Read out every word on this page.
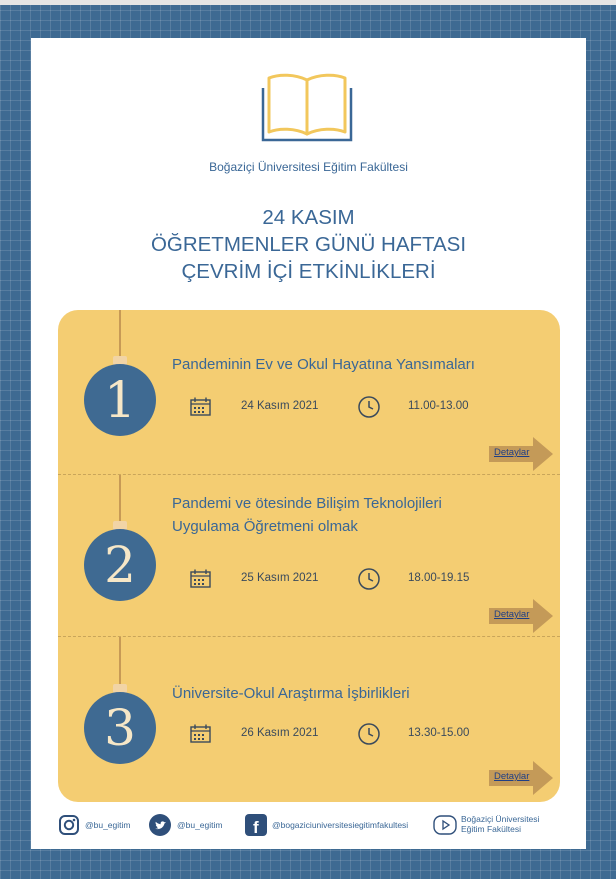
Boğaziçi Üniversitesi Eğitim Fakültesi
24 KASIM
ÖĞRETMENLER GÜNÜ HAFTASI
ÇEVRİM İÇİ ETKİNLİKLERİ
1
Pandeminin Ev ve Okul Hayatına Yansımaları
24 Kasım 2021	11.00-13.00
Detaylar
2
Pandemi ve ötesinde Bilişim Teknolojileri
Uygulama Öğretmeni olmak
25 Kasım 2021	18.00-19.15
Detaylar
3
Üniversite-Okul Araştırma İşbirlikleri
26 Kasım 2021	13.30-15.00
Detaylar
@bu_egitim	@bu_egitim f @bogaziciuniversitesiegitimfakultesi
Boğaziçi Üniversitesi
Eğitim Fakültesi
